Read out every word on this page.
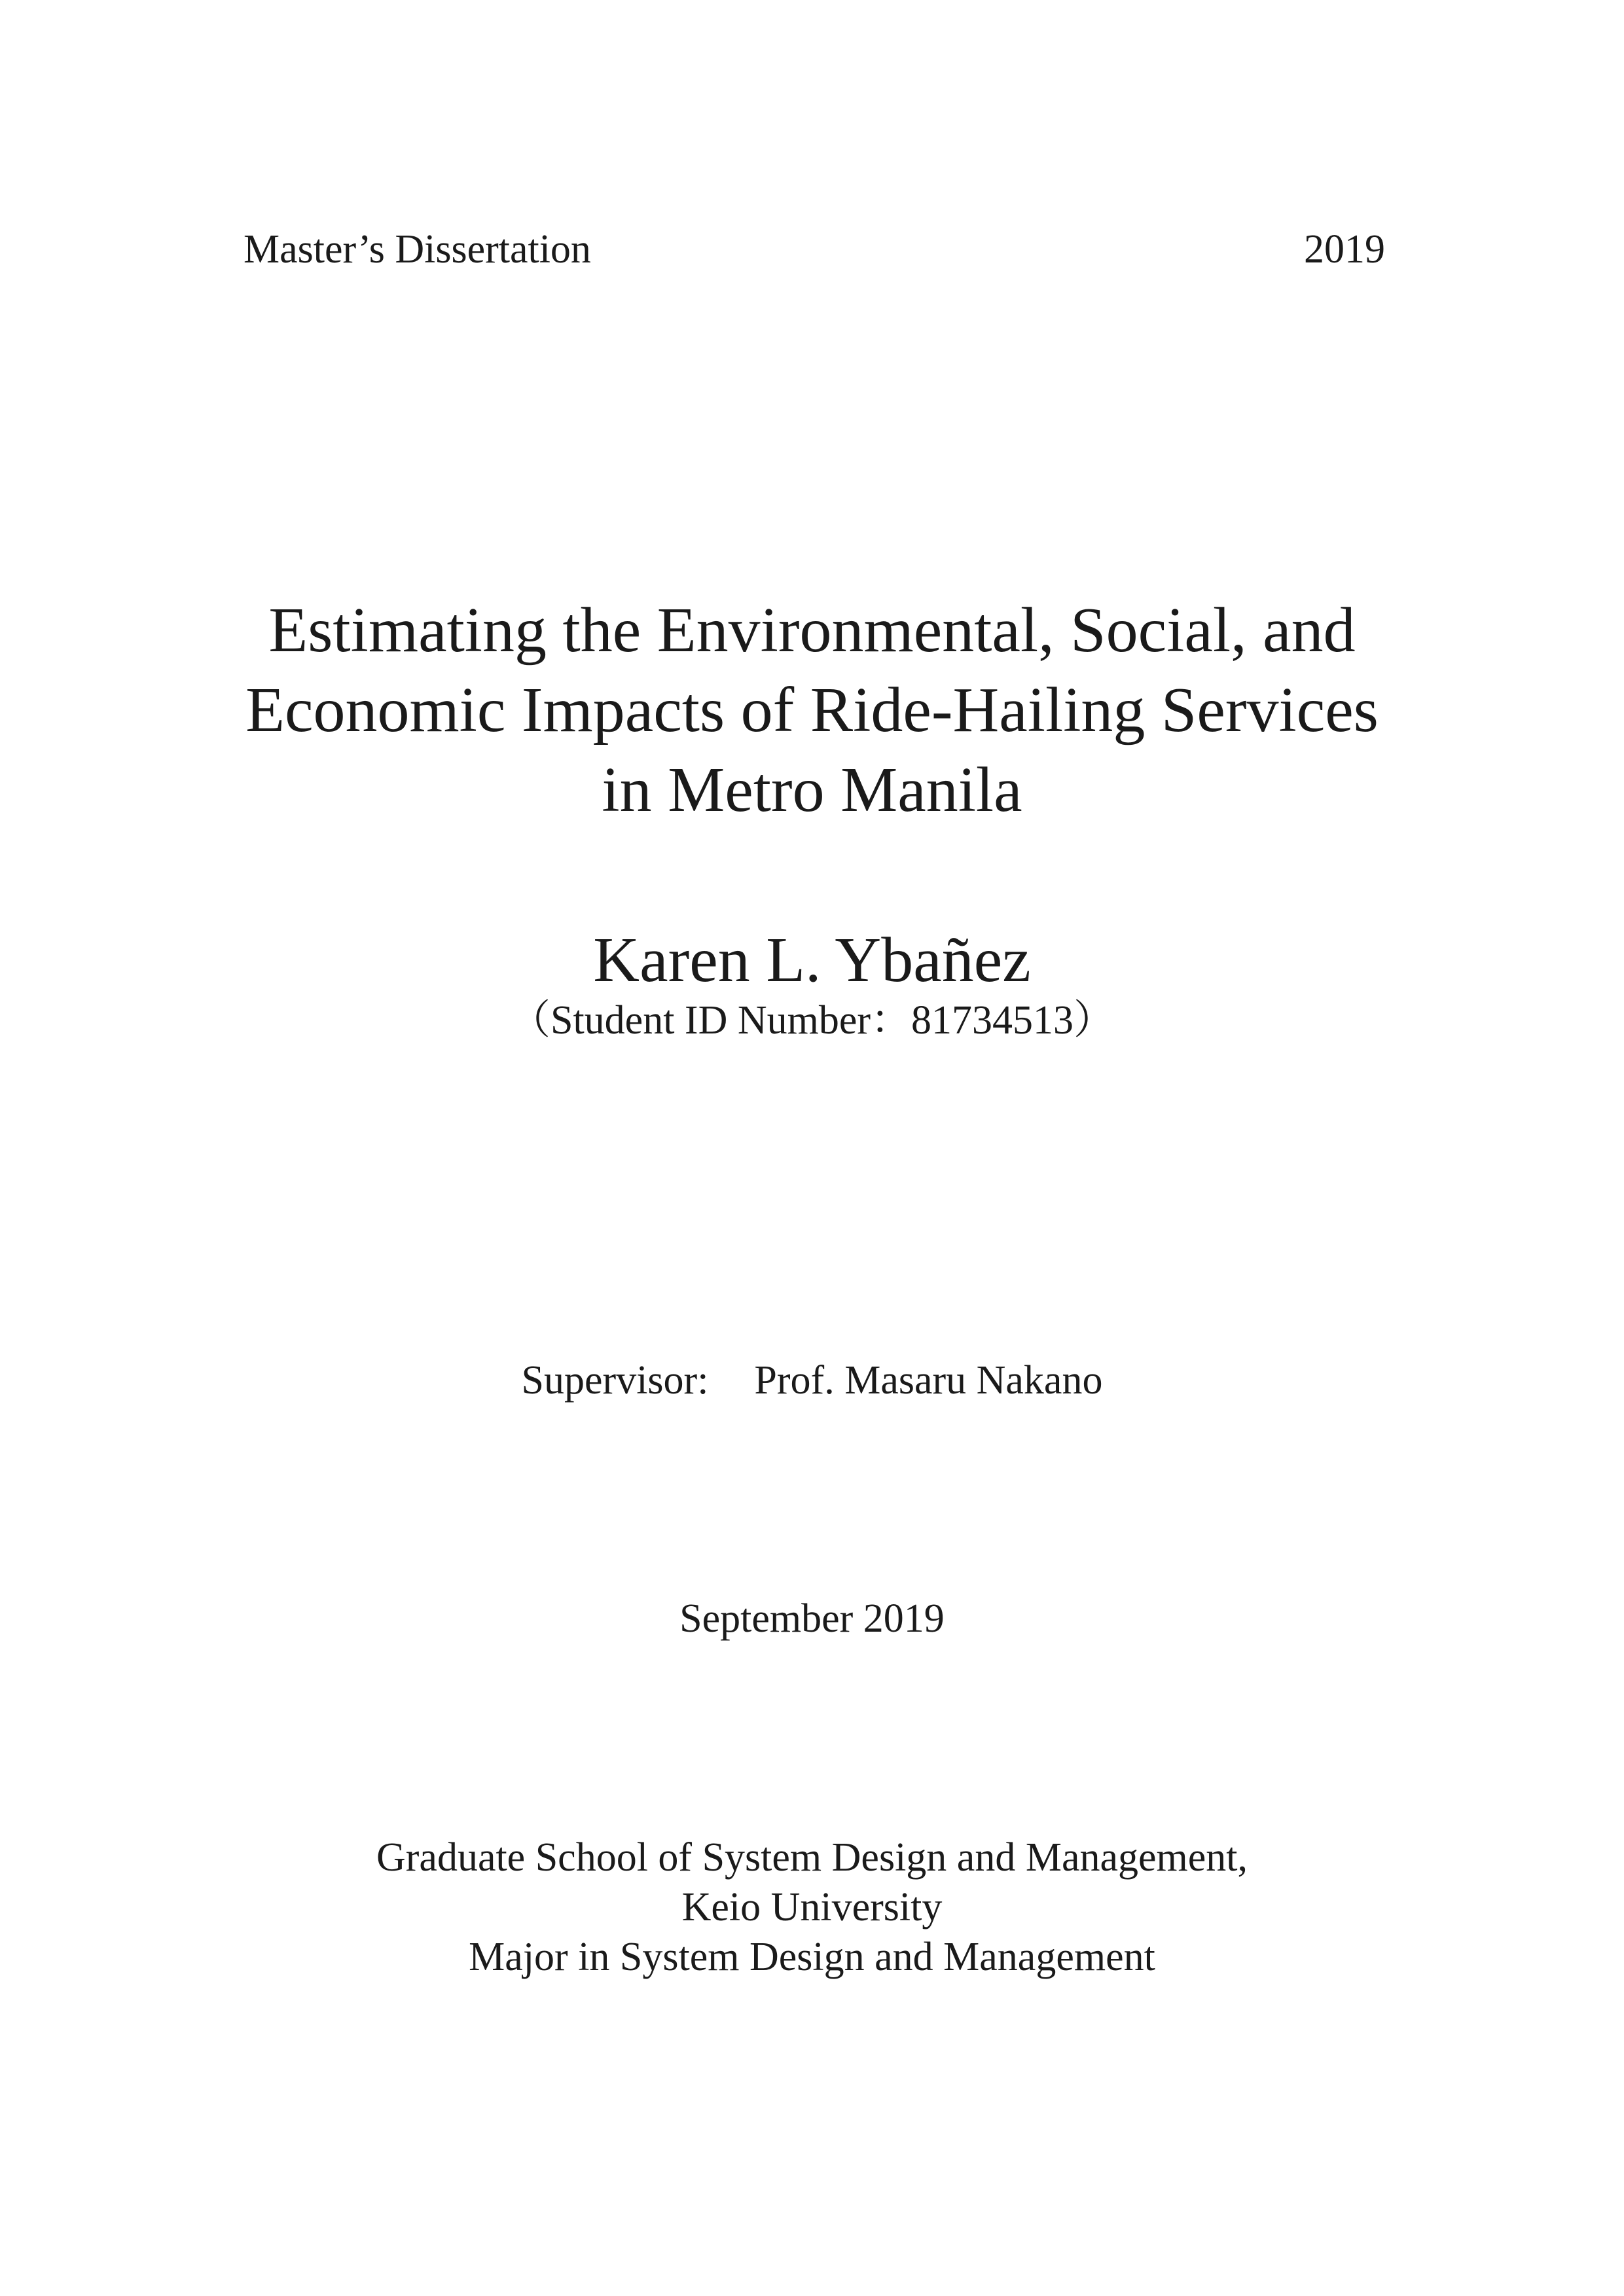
Master’s Dissertation	2019
Estimating the Environmental, Social, and
Economic Impacts of Ride-Hailing Services
in Metro Manila
Karen L. Ybañez
（Student ID Number：81734513）
Supervisor: Prof. Masaru Nakano
September 2019
Graduate School of System Design and Management,
Keio University
Major in System Design and Management
